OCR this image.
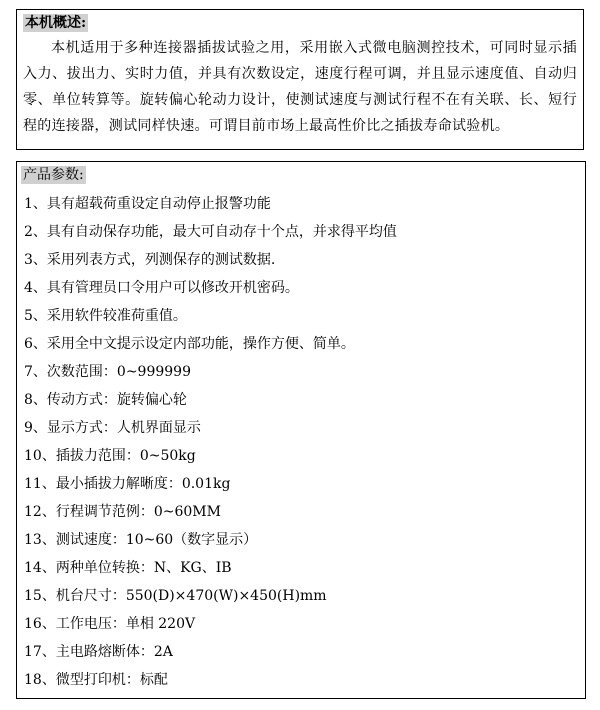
本机概述:

本机适用于多种连接器插拔试验之用，采用嵌入式微电脑测控技术，可同时显示插入力、拔出力、实时力值，并具有次数设定，速度行程可调，并且显示速度值、自动归零、单位转算等。旋转偏心轮动力设计，使测试速度与测试行程不在有关联、长、短行程的连接器，测试同样快速。可谓目前市场上最高性价比之插拔寿命试验机。

产品参数:
1、具有超载荷重设定自动停止报警功能
2、具有自动保存功能，最大可自动存十个点，并求得平均值
3、采用列表方式，列测保存的测试数据.
4、具有管理员口令用户可以修改开机密码。
5、采用软件较准荷重值。
6、采用全中文提示设定内部功能，操作方便、简单。
7、次数范围：0~999999
8、传动方式：旋转偏心轮
9、显示方式：人机界面显示
10、插拔力范围：0~50kg
11、最小插拔力解晰度：0.01kg
12、行程调节范例：0~60MM
13、测试速度：10~60（数字显示）
14、两种单位转换：N、KG、IB
15、机台尺寸：550(D)×470(W)×450(H)mm
16、工作电压：单相 220V
17、主电路熔断体：2A
18、微型打印机：标配
